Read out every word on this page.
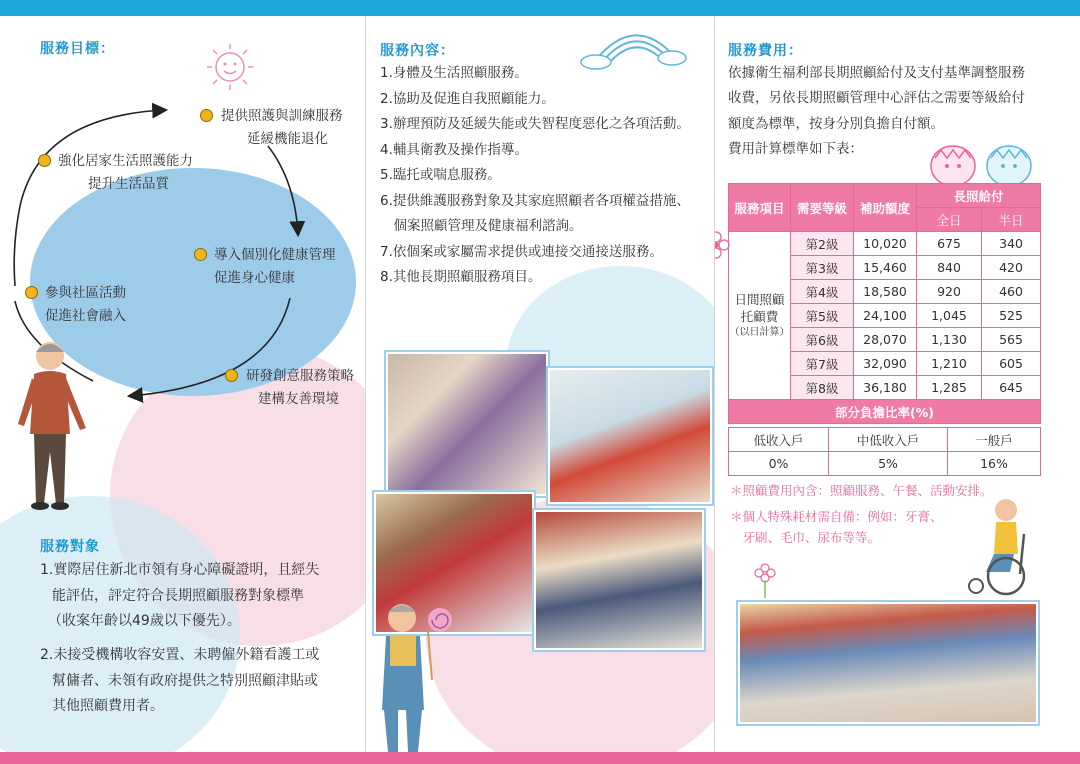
服務目標：
提供照護與訓練服務
延緩機能退化
強化居家生活照護能力
提升生活品質
導入個別化健康管理
促進身心健康
參與社區活動
促進社會融入
研發創意服務策略
建構友善環境
服務對象
1.實際居住新北市領有身心障礙證明，且經失
能評估，評定符合長期照顧服務對象標準
（收案年齡以49歲以下優先）。
2.未接受機構收容安置、未聘僱外籍看護工或
幫傭者、未領有政府提供之特別照顧津貼或
其他照顧費用者。
服務內容：
1.身體及生活照顧服務。
2.協助及促進自我照顧能力。
3.辦理預防及延緩失能或失智程度惡化之各項活動。
4.輔具衛教及操作指導。
5.臨托或喘息服務。
6.提供維護服務對象及其家庭照顧者各項權益措施、
　個案照顧管理及健康福利諮詢。
7.依個案或家屬需求提供或連接交通接送服務。
8.其他長期照顧服務項目。
服務費用：
依據衛生福利部長期照顧給付及支付基準調整服務
收費，另依長期照顧管理中心評估之需要等級給付
額度為標準，按身分別負擔自付額。
費用計算標準如下表：
服務項目	需要等級	補助額度	長照給付	
			全日	半日

日間照顧托顧費
（以日計算）	第2級	10,020	675	340
	第3級	15,460	840	420
	第4級	18,580	920	460
	第5級	24,100	1,045	525
	第6級	28,070	1,130	565
	第7級	32,090	1,210	605
	第8級	36,180	1,285	645
部分負擔比率(%)				
低收入戶	中低收入戶	一般戶
0%	5%	16%
＊照顧費用內含：照顧服務、午餐、活動安排。
＊個人特殊耗材需自備：例如：牙膏、
　牙刷、毛巾、尿布等等。
